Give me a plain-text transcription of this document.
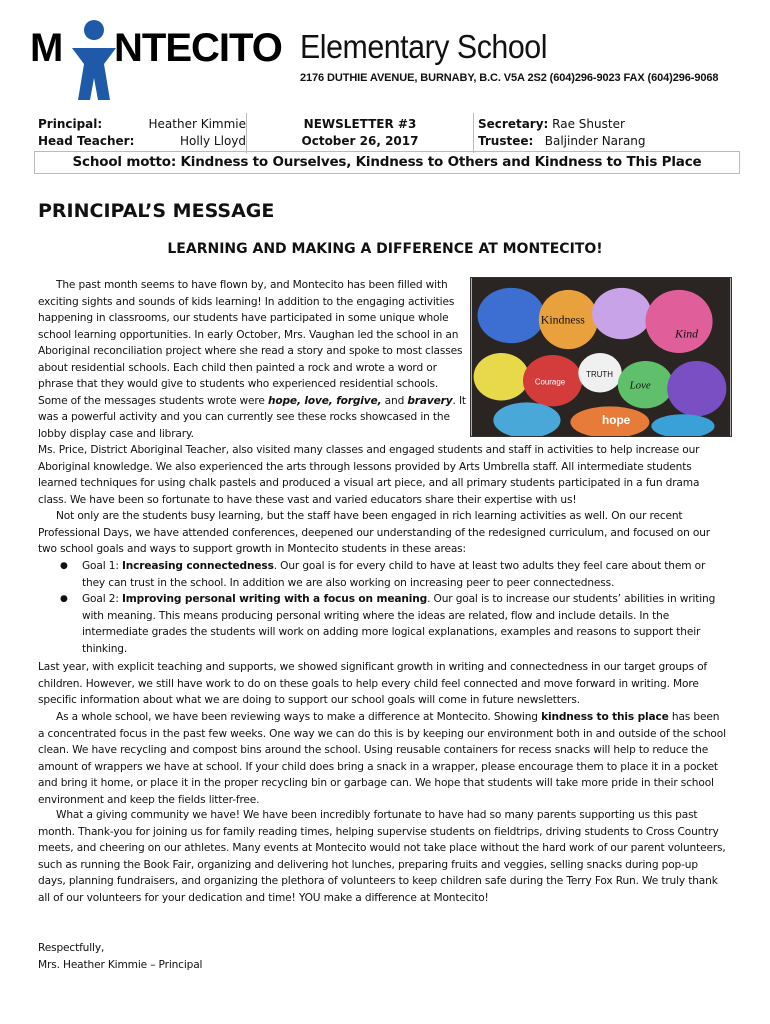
M NTECITO Elementary School
2176 DUTHIE AVENUE, BURNABY, B.C. V5A 2S2 (604)296-9023 FAX (604)296-9068
Principal:	Heather Kimmie
Head Teacher:	Holly Lloyd
NEWSLETTER #3
October 26, 2017
Secretary: Rae Shuster
Trustee: Baljinder Narang
School motto: Kindness to Ourselves, Kindness to Others and Kindness to This Place
PRINCIPAL’S MESSAGE
LEARNING AND MAKING A DIFFERENCE AT MONTECITO!
The past month seems to have flown by, and Montecito has been filled with exciting sights and sounds of kids learning! In addition to the engaging activities happening in classrooms, our students have participated in some unique whole school learning opportunities. In early October, Mrs. Vaughan led the school in an Aboriginal reconciliation project where she read a story and spoke to most classes about residential schools. Each child then painted a rock and wrote a word or phrase that they would give to students who experienced residential schools. Some of the messages students wrote were hope, love, forgive, and bravery. It was a powerful activity and you can currently see these rocks showcased in the lobby display case and library.
Kindness
hope
TRUTH
Love
Courage
Kind
Ms. Price, District Aboriginal Teacher, also visited many classes and engaged students and staff in activities to help increase our Aboriginal knowledge. We also experienced the arts through lessons provided by Arts Umbrella staff. All intermediate students learned techniques for using chalk pastels and produced a visual art piece, and all primary students participated in a fun drama class. We have been so fortunate to have these vast and varied educators share their expertise with us!
Not only are the students busy learning, but the staff have been engaged in rich learning activities as well. On our recent Professional Days, we have attended conferences, deepened our understanding of the redesigned curriculum, and focused on our two school goals and ways to support growth in Montecito students in these areas:
● Goal 1: Increasing connectedness. Our goal is for every child to have at least two adults they feel care about them or they can trust in the school. In addition we are also working on increasing peer to peer connectedness.
● Goal 2: Improving personal writing with a focus on meaning. Our goal is to increase our students’ abilities in writing with meaning. This means producing personal writing where the ideas are related, flow and include details. In the intermediate grades the students will work on adding more logical explanations, examples and reasons to support their thinking.
Last year, with explicit teaching and supports, we showed significant growth in writing and connectedness in our target groups of children. However, we still have work to do on these goals to help every child feel connected and move forward in writing. More specific information about what we are doing to support our school goals will come in future newsletters.
As a whole school, we have been reviewing ways to make a difference at Montecito. Showing kindness to this place has been a concentrated focus in the past few weeks. One way we can do this is by keeping our environment both in and outside of the school clean. We have recycling and compost bins around the school. Using reusable containers for recess snacks will help to reduce the amount of wrappers we have at school. If your child does bring a snack in a wrapper, please encourage them to place it in a pocket and bring it home, or place it in the proper recycling bin or garbage can. We hope that students will take more pride in their school environment and keep the fields litter-free.
What a giving community we have! We have been incredibly fortunate to have had so many parents supporting us this past month. Thank-you for joining us for family reading times, helping supervise students on fieldtrips, driving students to Cross Country meets, and cheering on our athletes. Many events at Montecito would not take place without the hard work of our parent volunteers, such as running the Book Fair, organizing and delivering hot lunches, preparing fruits and veggies, selling snacks during pop-up days, planning fundraisers, and organizing the plethora of volunteers to keep children safe during the Terry Fox Run. We truly thank all of our volunteers for your dedication and time! YOU make a difference at Montecito!
Respectfully,
Mrs. Heather Kimmie – Principal
